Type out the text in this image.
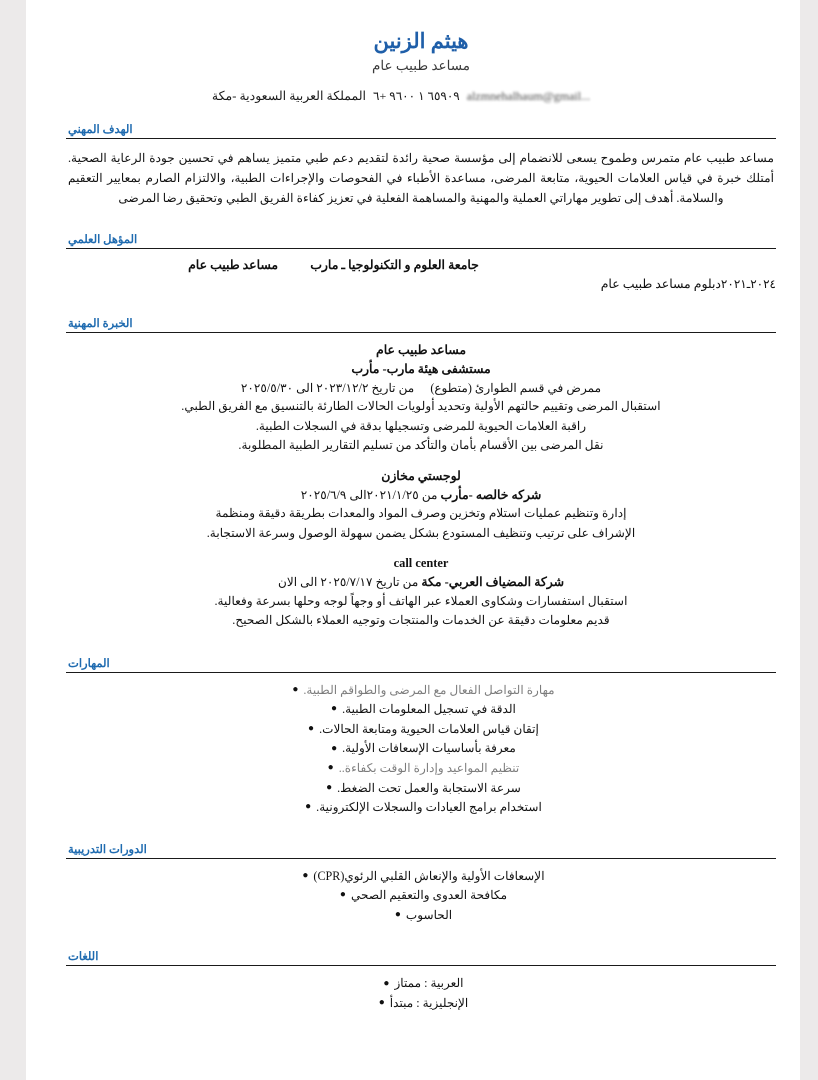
هيثم الزنين
مساعد طبيب عام
alzmnehalhaum@gmail...
٦٥٩٠٩ ١ ٩٦٠٠ +٦
المملكة العربية السعودية -مكة
الهدف المهني
مساعد طبيب عام متمرس وطموح يسعى للانضمام إلى مؤسسة صحية رائدة لتقديم دعم طبي متميز يساهم في تحسين جودة الرعاية الصحية. أمتلك خبرة في قياس العلامات الحيوية، متابعة المرضى، مساعدة الأطباء في الفحوصات والإجراءات الطبية، والالتزام الصارم بمعايير التعقيم والسلامة. أهدف إلى تطوير مهاراتي العملية والمهنية والمساهمة الفعلية في تعزيز كفاءة الفريق الطبي وتحقيق رضا المرضى
المؤهل العلمي
جامعة العلوم و التكنولوجيا ـ مارب  مساعد طبيب عام
دبلوم مساعد طبيب عام ٢٠٢٤ـ٢٠٢١
الخبرة المهنية
مساعد طبيب عام
مستشفى هيئة مارب- مأرب
ممرض في قسم الطوارئ (متطوع)  من تاريخ ٢٠٢٣/١٢/٢ الى ٢٠٢٥/٥/٣٠
استقبال المرضى وتقييم حالتهم الأولية وتحديد أولويات الحالات الطارئة بالتنسيق مع الفريق الطبي.
راقبة العلامات الحيوية للمرضى وتسجيلها بدقة في السجلات الطبية.
نقل المرضى بين الأقسام بأمان والتأكد من تسليم التقارير الطبية المطلوبة.
لوجستي مخازن
شركه خالصه -مأرب من ٢٠٢١/١/٢٥الى ٢٠٢٥/٦/٩
إدارة وتنظيم عمليات استلام وتخزين وصرف المواد والمعدات بطريقة دقيقة ومنظمة
الإشراف على ترتيب وتنظيف المستودع بشكل يضمن سهولة الوصول وسرعة الاستجابة.
call center
شركة المضياف العربي- مكة من تاريخ ٢٠٢٥/٧/١٧ الى الان
استقبال استفسارات وشكاوى العملاء عبر الهاتف أو وجهاً لوجه وحلها بسرعة وفعالية.
قديم معلومات دقيقة عن الخدمات والمنتجات وتوجيه العملاء بالشكل الصحيح.
المهارات
مهارة التواصل الفعال مع المرضى والطواقم الطبية.●
الدقة في تسجيل المعلومات الطبية.●
إتقان قياس العلامات الحيوية ومتابعة الحالات.●
معرفة بأساسيات الإسعافات الأولية.●
تنظيم المواعيد وإدارة الوقت بكفاءة..●
سرعة الاستجابة والعمل تحت الضغط.●
استخدام برامج العيادات والسجلات الإلكترونية.●
الدورات التدريبية
الإسعافات الأولية والإنعاش القلبي الرئوي(CPR)●
مكافحة العدوى والتعقيم الصحي●
الحاسوب●
اللغات
العربية : ممتاز●
الإنجليزية : مبتدأ●
